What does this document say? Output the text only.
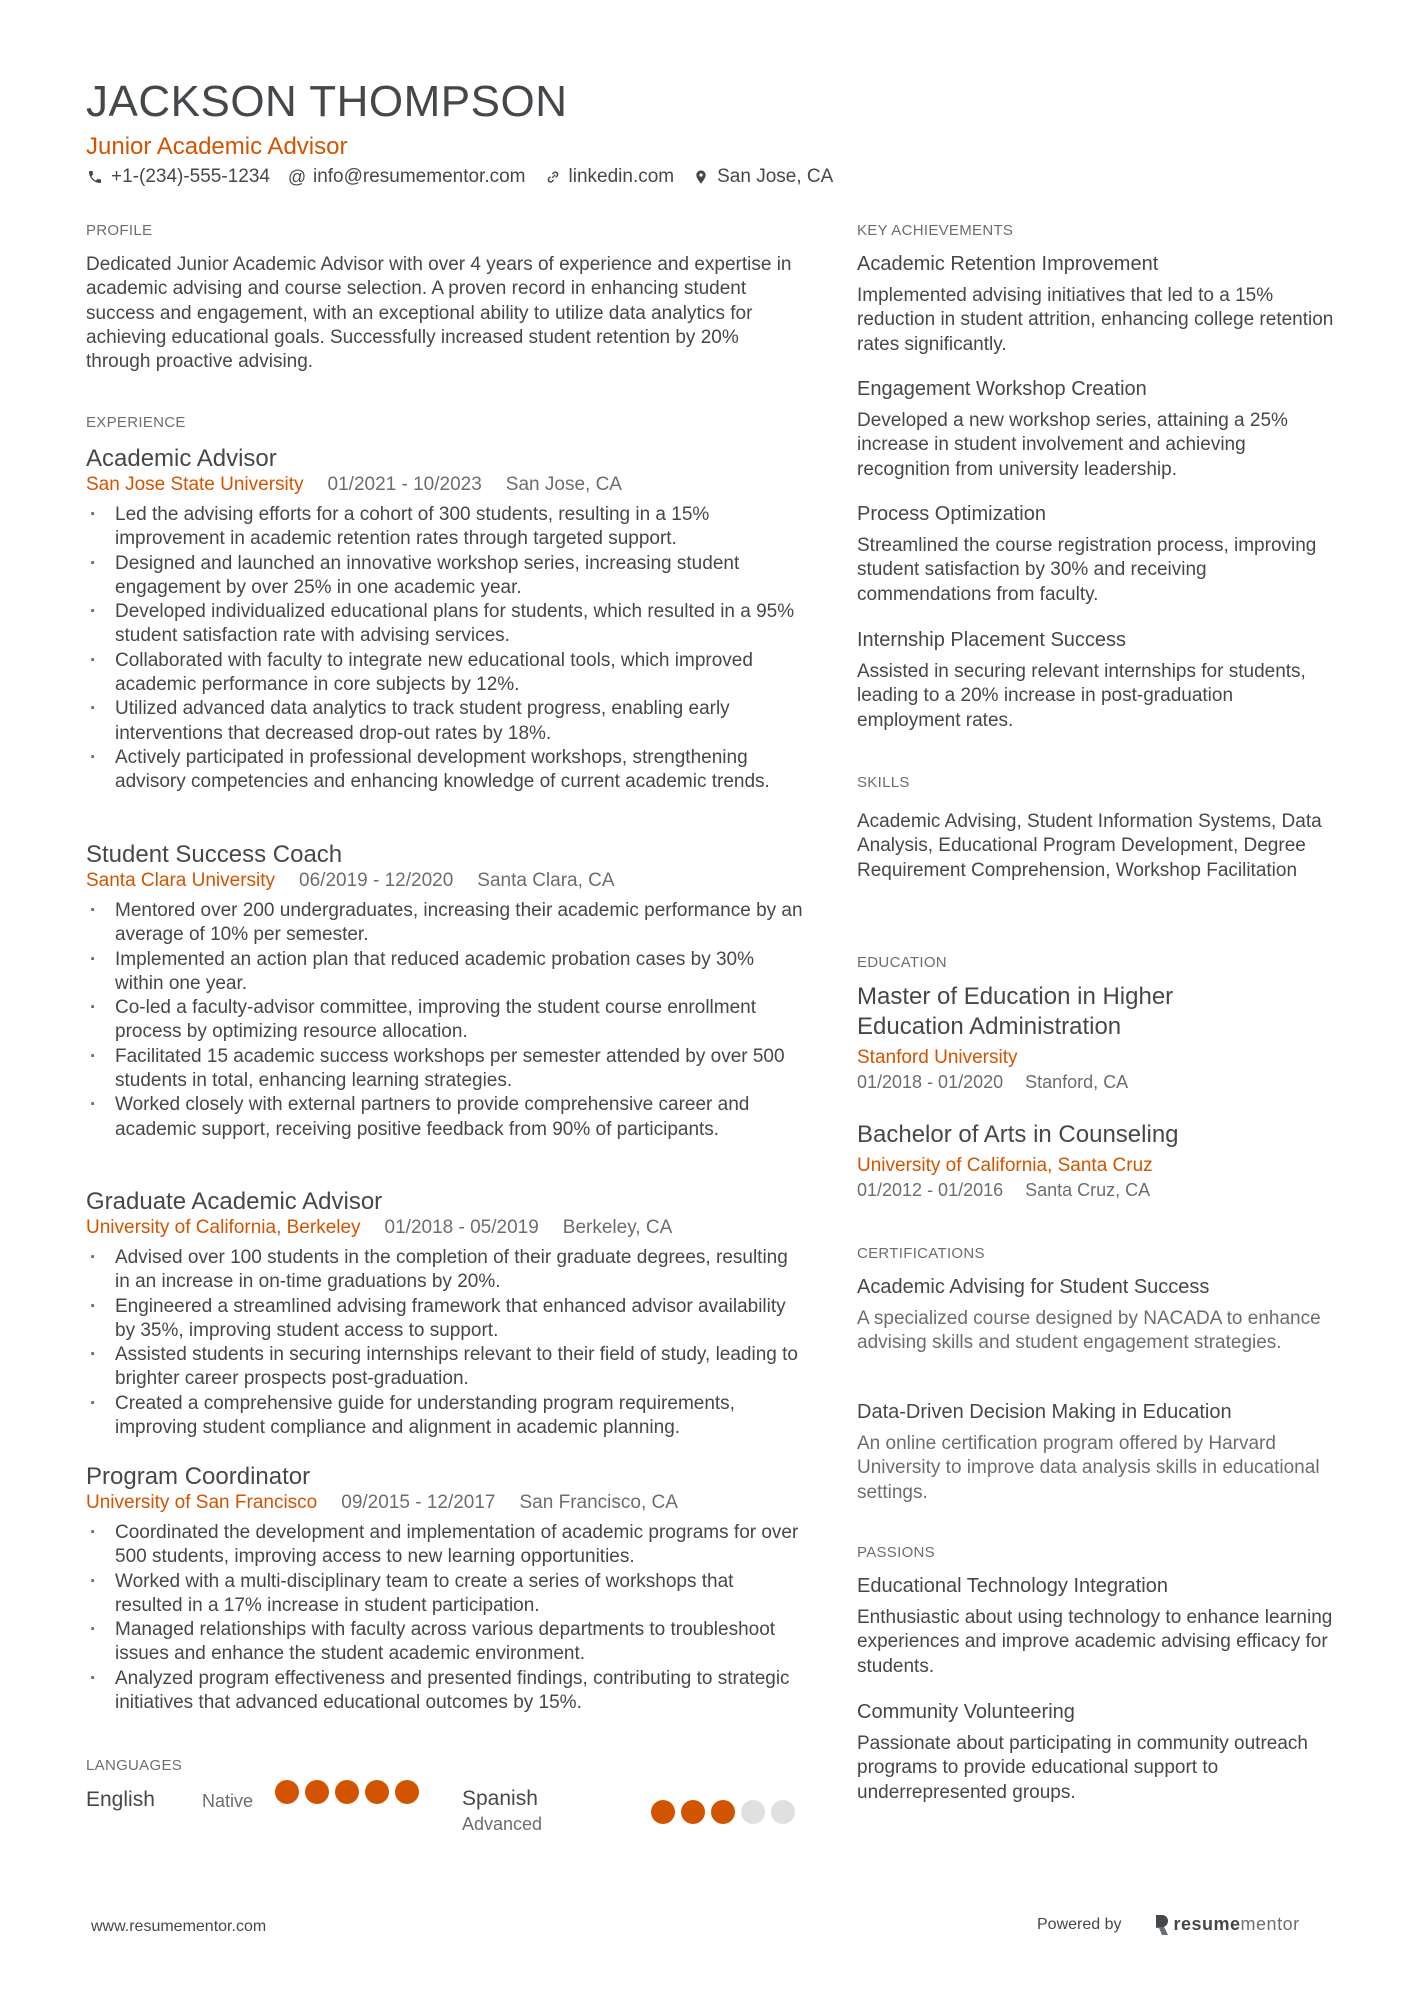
JACKSON THOMPSON
Junior Academic Advisor
+1-(234)-555-1234 @ info@resumementor.com linkedin.com San Jose, CA
PROFILE
Dedicated Junior Academic Advisor with over 4 years of experience and expertise in academic advising and course selection. A proven record in enhancing student success and engagement, with an exceptional ability to utilize data analytics for achieving educational goals. Successfully increased student retention by 20% through proactive advising.
EXPERIENCE
Academic Advisor
San Jose State University 01/2021 - 10/2023 San Jose, CA
· Led the advising efforts for a cohort of 300 students, resulting in a 15% improvement in academic retention rates through targeted support.
· Designed and launched an innovative workshop series, increasing student engagement by over 25% in one academic year.
· Developed individualized educational plans for students, which resulted in a 95% student satisfaction rate with advising services.
· Collaborated with faculty to integrate new educational tools, which improved academic performance in core subjects by 12%.
· Utilized advanced data analytics to track student progress, enabling early interventions that decreased drop-out rates by 18%.
· Actively participated in professional development workshops, strengthening advisory competencies and enhancing knowledge of current academic trends.
Student Success Coach
Santa Clara University 06/2019 - 12/2020 Santa Clara, CA
· Mentored over 200 undergraduates, increasing their academic performance by an average of 10% per semester.
· Implemented an action plan that reduced academic probation cases by 30% within one year.
· Co-led a faculty-advisor committee, improving the student course enrollment process by optimizing resource allocation.
· Facilitated 15 academic success workshops per semester attended by over 500 students in total, enhancing learning strategies.
· Worked closely with external partners to provide comprehensive career and academic support, receiving positive feedback from 90% of participants.
Graduate Academic Advisor
University of California, Berkeley 01/2018 - 05/2019 Berkeley, CA
· Advised over 100 students in the completion of their graduate degrees, resulting in an increase in on-time graduations by 20%.
· Engineered a streamlined advising framework that enhanced advisor availability by 35%, improving student access to support.
· Assisted students in securing internships relevant to their field of study, leading to brighter career prospects post-graduation.
· Created a comprehensive guide for understanding program requirements, improving student compliance and alignment in academic planning.
Program Coordinator
University of San Francisco 09/2015 - 12/2017 San Francisco, CA
· Coordinated the development and implementation of academic programs for over 500 students, improving access to new learning opportunities.
· Worked with a multi-disciplinary team to create a series of workshops that resulted in a 17% increase in student participation.
· Managed relationships with faculty across various departments to troubleshoot issues and enhance the student academic environment.
· Analyzed program effectiveness and presented findings, contributing to strategic initiatives that advanced educational outcomes by 15%.
LANGUAGES
English	Native	Spanish
Advanced
KEY ACHIEVEMENTS
Academic Retention Improvement
Implemented advising initiatives that led to a 15% reduction in student attrition, enhancing college retention rates significantly.
Engagement Workshop Creation
Developed a new workshop series, attaining a 25% increase in student involvement and achieving recognition from university leadership.
Process Optimization
Streamlined the course registration process, improving student satisfaction by 30% and receiving commendations from faculty.
Internship Placement Success
Assisted in securing relevant internships for students, leading to a 20% increase in post-graduation employment rates.
SKILLS
Academic Advising, Student Information Systems, Data Analysis, Educational Program Development, Degree Requirement Comprehension, Workshop Facilitation
EDUCATION
Master of Education in Higher Education Administration
Stanford University
01/2018 - 01/2020 Stanford, CA
Bachelor of Arts in Counseling
University of California, Santa Cruz
01/2012 - 01/2016 Santa Cruz, CA
CERTIFICATIONS
Academic Advising for Student Success
A specialized course designed by NACADA to enhance advising skills and student engagement strategies.
Data-Driven Decision Making in Education
An online certification program offered by Harvard University to improve data analysis skills in educational settings.
PASSIONS
Educational Technology Integration
Enthusiastic about using technology to enhance learning experiences and improve academic advising efficacy for students.
Community Volunteering
Passionate about participating in community outreach programs to provide educational support to underrepresented groups.
www.resumementor.com	Powered by	resume mentor
